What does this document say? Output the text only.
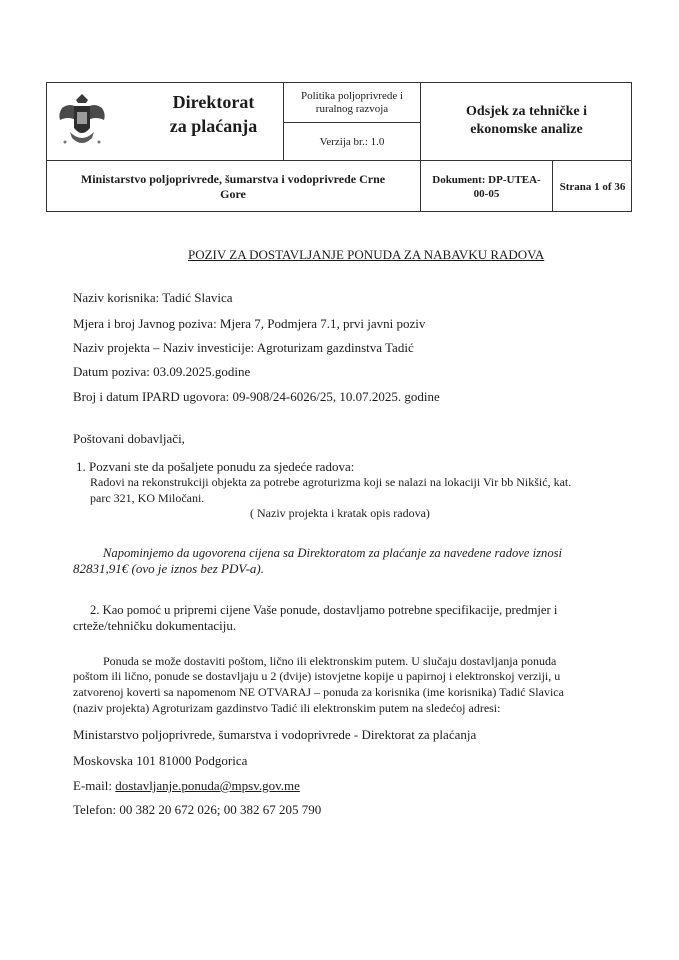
Direktorat
za plaćanja
Politika poljoprivrede i
ruralnog razvoja
Verzija br.: 1.0
Odsjek za tehničke i
ekonomske analize
Ministarstvo poljoprivrede, šumarstva i vodoprivrede Crne
Gore
Dokument: DP-UTEA-
00-05
Strana 1 of 36
POZIV ZA DOSTAVLJANJE PONUDA ZA NABAVKU RADOVA
Naziv korisnika: Tadić Slavica
Mjera i broj Javnog poziva: Mjera 7, Podmjera 7.1, prvi javni poziv
Naziv projekta – Naziv investicije: Agroturizam gazdinstva Tadić
Datum poziva: 03.09.2025.godine
Broj i datum IPARD ugovora: 09-908/24-6026/25, 10.07.2025. godine
Poštovani dobavljači,
1. Pozvani ste da pošaljete ponudu za sjedeće radova:
Radovi na rekonstrukciji objekta za potrebe agroturizma koji se nalazi na lokaciji Vir bb Nikšić, kat.
parc 321, KO Miločani.
( Naziv projekta i kratak opis radova)
Napominjemo da ugovorena cijena sa Direktoratom za plaćanje za navedene radove iznosi
82831,91€ (ovo je iznos bez PDV-a).
2. Kao pomoć u pripremi cijene Vaše ponude, dostavljamo potrebne specifikacije, predmjer i
crteže/tehničku dokumentaciju.
Ponuda se može dostaviti poštom, lično ili elektronskim putem. U slučaju dostavljanja ponuda
poštom ili lično, ponude se dostavljaju u 2 (dvije) istovjetne kopije u papirnoj i elektronskoj verziji, u
zatvorenoj koverti sa napomenom NE OTVARAJ – ponuda za korisnika (ime korisnika) Tadić Slavica
(naziv projekta) Agroturizam gazdinstvo Tadić ili elektronskim putem na sledećoj adresi:
Ministarstvo poljoprivrede, šumarstva i vodoprivrede - Direktorat za plaćanja
Moskovska 101 81000 Podgorica
E-mail: dostavljanje.ponuda@mpsv.gov.me
Telefon: 00 382 20 672 026; 00 382 67 205 790
